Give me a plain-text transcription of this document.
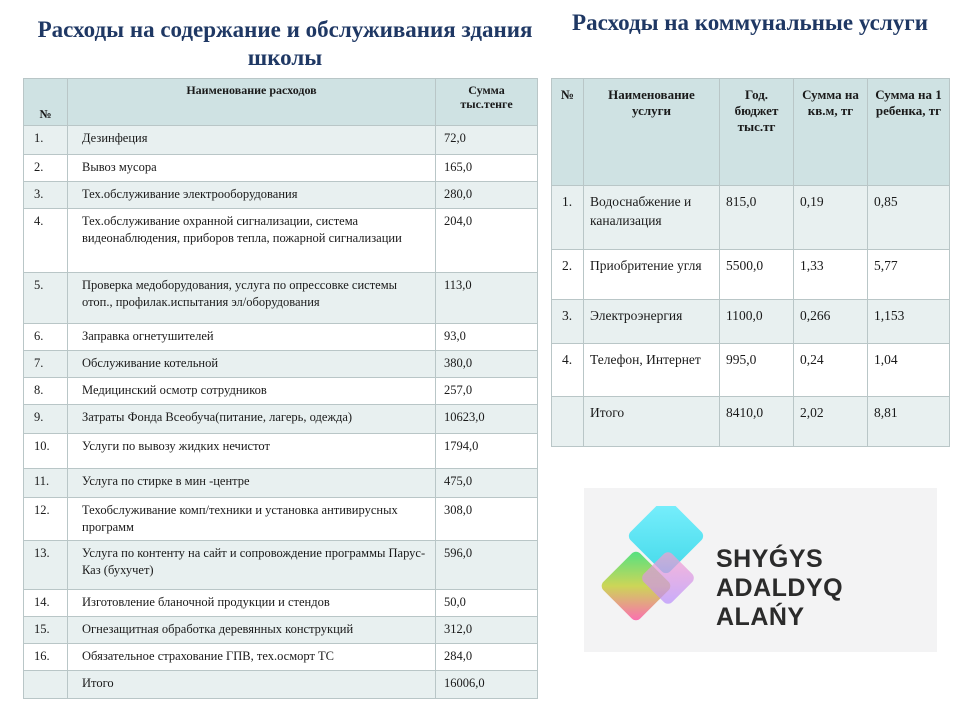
Расходы на содержание и обслуживания здания школы
Расходы на коммунальные услуги
№	Наименование расходов	Сумма тыс.тенге
1.	Дезинфеция	72,0
2.	Вывоз мусора	165,0
3.	Тех.обслуживание электрооборудования	280,0
4.	Тех.обслуживание охранной сигнализации, система видеонаблюдения, приборов тепла, пожарной сигнализации	204,0
5.	Проверка медоборудования, услуга по опрессовке системы отоп., профилак.испытания эл/оборудования	113,0
6.	Заправка огнетушителей	93,0
7.	Обслуживание котельной	380,0
8.	Медицинский осмотр сотрудников	257,0
9.	Затраты Фонда Всеобуча(питание, лагерь, одежда)	10623,0
10.	Услуги по вывозу жидких нечистот	1794,0
11.	Услуга по стирке в мин -центре	475,0
12.	Техобслуживание комп/техники и установка антивирусных программ	308,0
13.	Услуга по контенту на сайт и сопровождение программы Парус-Каз (бухучет)	596,0
14.	Изготовление бланочной продукции и стендов	50,0
15.	Огнезащитная обработка деревянных конструкций	312,0
16.	Обязательное страхование ГПВ, тех.осморт ТС	284,0
	Итого	16006,0
№	Наименование услуги	Год. бюджет тыс.тг	Сумма на кв.м, тг	Сумма на 1 ребенка, тг
1.	Водоснабжение и канализация	815,0	0,19	0,85
2.	Приобритение угля	5500,0	1,33	5,77
3.	Электроэнергия	1100,0	0,266	1,153
4.	Телефон, Интернет	995,0	0,24	1,04
	Итого	8410,0	2,02	8,81
SHYǴYS
ADALDYQ ALAŃY
